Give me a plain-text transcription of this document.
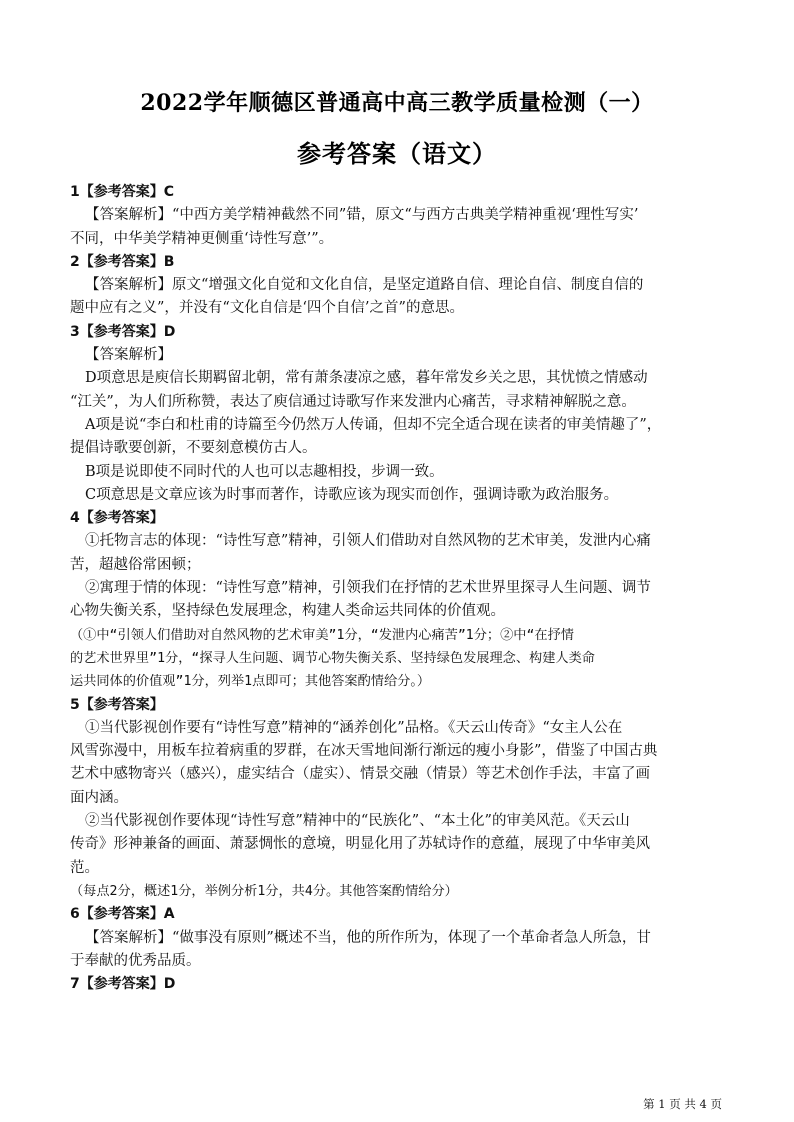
2022学年顺德区普通高中高三教学质量检测（一）
参考答案（语文）

1【参考答案】C

【答案解析】“中西方美学精神截然不同”错，原文“与西方古典美学精神重视‘理性写实’

不同，中华美学精神更侧重‘诗性写意’”。

2【参考答案】B

【答案解析】原文“增强文化自觉和文化自信，是坚定道路自信、理论自信、制度自信的

题中应有之义”，并没有“文化自信是‘四个自信’之首”的意思。

3【参考答案】D

【答案解析】

D项意思是庾信长期羁留北朝，常有萧条凄凉之感，暮年常发乡关之思，其忧愤之情感动

“江关”，为人们所称赞，表达了庾信通过诗歌写作来发泄内心痛苦，寻求精神解脱之意。

A项是说“李白和杜甫的诗篇至今仍然万人传诵，但却不完全适合现在读者的审美情趣了”，

提倡诗歌要创新，不要刻意模仿古人。

B项是说即使不同时代的人也可以志趣相投，步调一致。

C项意思是文章应该为时事而著作，诗歌应该为现实而创作，强调诗歌为政治服务。

4【参考答案】

①托物言志的体现：“诗性写意”精神，引领人们借助对自然风物的艺术审美，发泄内心痛

苦，超越俗常困顿；

②寓理于情的体现：“诗性写意”精神，引领我们在抒情的艺术世界里探寻人生问题、调节

心物失衡关系，坚持绿色发展理念，构建人类命运共同体的价值观。

（①中“引领人们借助对自然风物的艺术审美”1分，“发泄内心痛苦”1分；②中“在抒情

的艺术世界里”1分，“探寻人生问题、调节心物失衡关系、坚持绿色发展理念、构建人类命

运共同体的价值观”1分，列举1点即可；其他答案酌情给分。）

5【参考答案】

①当代影视创作要有“诗性写意”精神的“涵养创化”品格。《天云山传奇》“女主人公在

风雪弥漫中，用板车拉着病重的罗群，在冰天雪地间渐行渐远的瘦小身影”，借鉴了中国古典

艺术中感物寄兴（感兴），虚实结合（虚实）、情景交融（情景）等艺术创作手法，丰富了画

面内涵。

②当代影视创作要体现“诗性写意”精神中的“民族化”、“本土化”的审美风范。《天云山

传奇》形神兼备的画面、萧瑟惆怅的意境，明显化用了苏轼诗作的意蕴，展现了中华审美风

范。

（每点2分，概述1分，举例分析1分，共4分。其他答案酌情给分）

6【参考答案】A

【答案解析】“做事没有原则”概述不当，他的所作所为，体现了一个革命者急人所急，甘

于奉献的优秀品质。

7【参考答案】D

第 1 页 共 4 页
